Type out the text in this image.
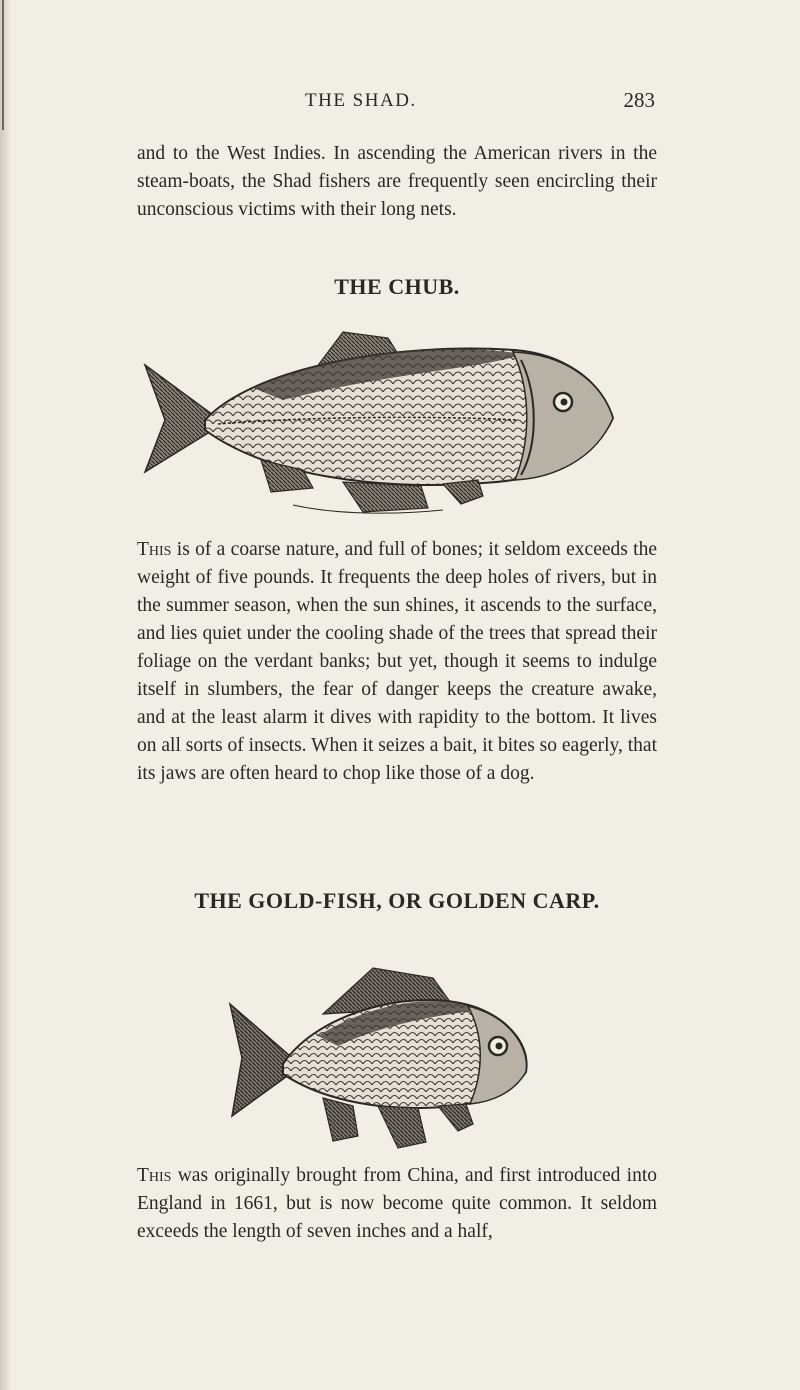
THE SHAD.	283

and to the West Indies. In ascending the American rivers in the steam-boats, the Shad fishers are frequently seen encircling their unconscious victims with their long nets.

THE CHUB.

This is of a coarse nature, and full of bones; it seldom exceeds the weight of five pounds. It frequents the deep holes of rivers, but in the summer season, when the sun shines, it ascends to the surface, and lies quiet under the cooling shade of the trees that spread their foliage on the verdant banks; but yet, though it seems to indulge itself in slumbers, the fear of danger keeps the creature awake, and at the least alarm it dives with rapidity to the bottom. It lives on all sorts of insects. When it seizes a bait, it bites so eagerly, that its jaws are often heard to chop like those of a dog.

THE GOLD-FISH, OR GOLDEN CARP.

This was originally brought from China, and first introduced into England in 1661, but is now become quite common. It seldom exceeds the length of seven inches and a half,
